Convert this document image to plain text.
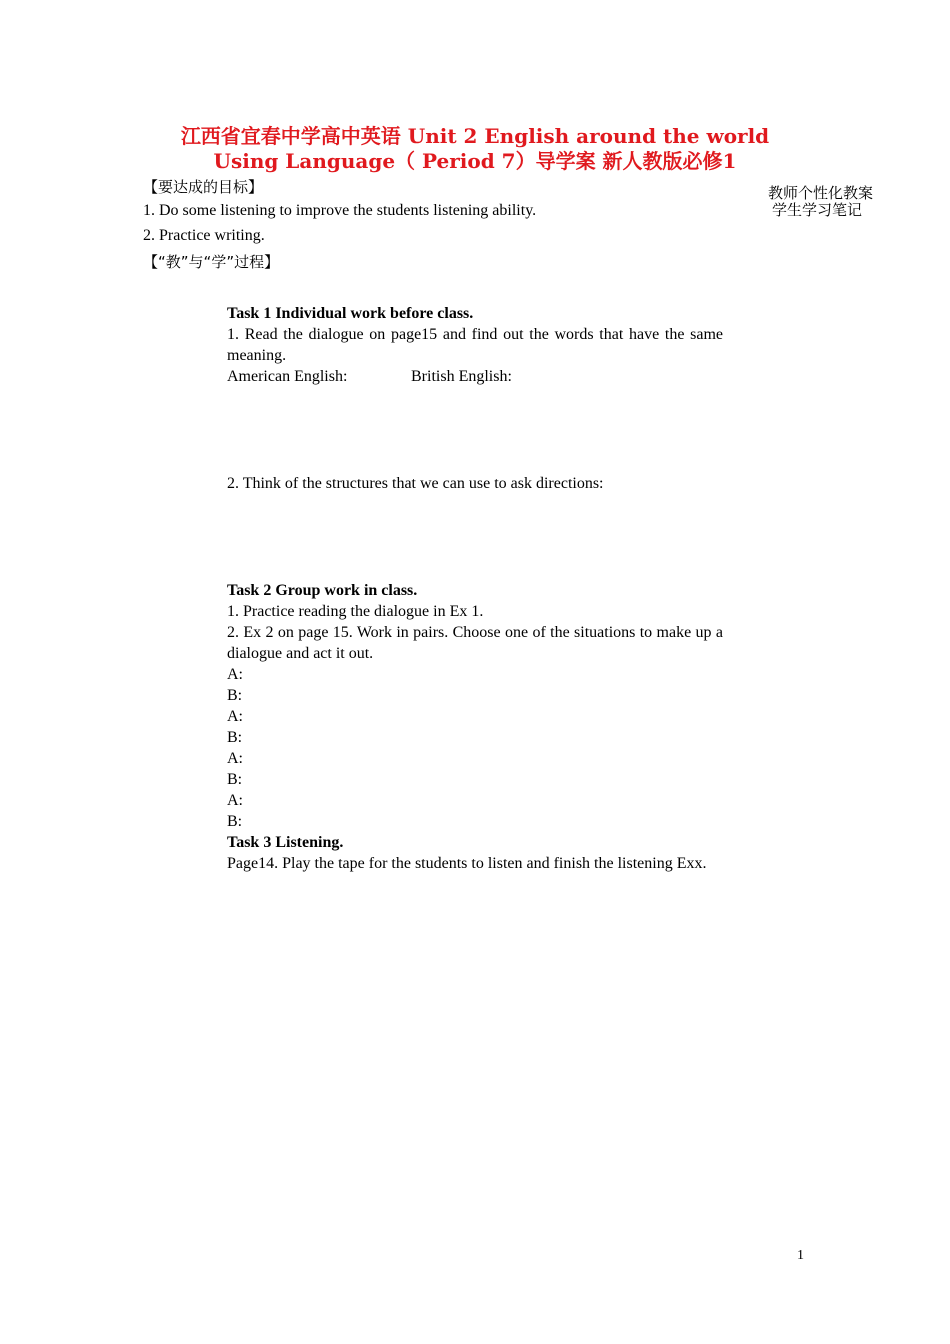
江西省宜春中学高中英语 Unit 2 English around the world

Using Language（ Period 7）导学案 新人教版必修1

【要达成的目标】
1. Do some listening to improve the students listening ability.
2. Practice writing.
【“教”与“学”过程】
教师个性化教案
学生学习笔记

Task 1 Individual work before class.

1. Read the dialogue on page15 and find out the words that have the same meaning.

American English:	British English:

2. Think of the structures that we can use to ask directions:

Task 2 Group work in class.

1. Practice reading the dialogue in Ex 1.

2. Ex 2 on page 15. Work in pairs. Choose one of the situations to make up a dialogue and act it out.

A:

B:

A:

B:

A:

B:

A:

B:

Task 3 Listening.

Page14. Play the tape for the students to listen and finish the listening Exx.

1
